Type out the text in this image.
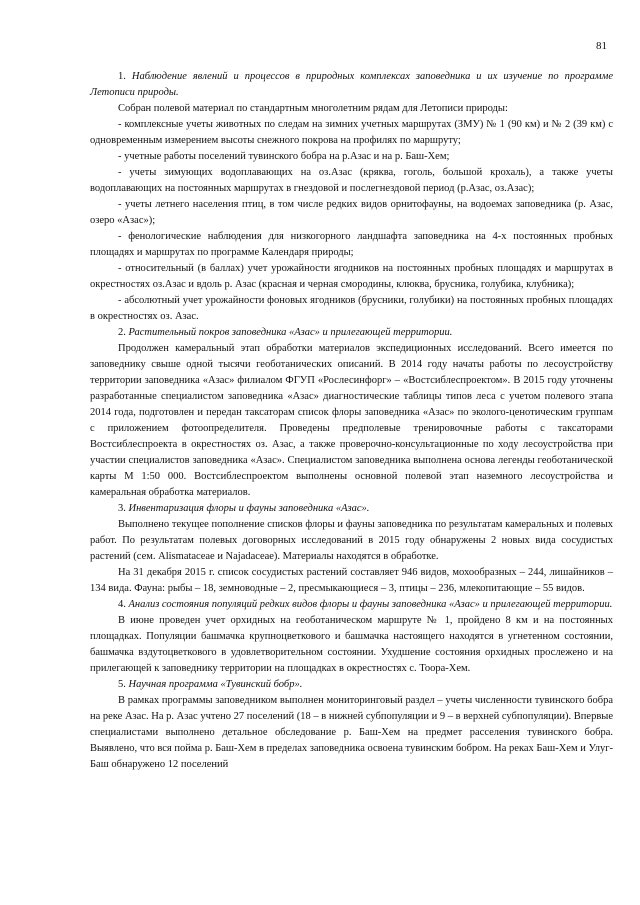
81

1. Наблюдение явлений и процессов в природных комплексах заповедника и их изучение по программе Летописи природы.

Собран полевой материал по стандартным многолетним рядам для Летописи природы:

- комплексные учеты животных по следам на зимних учетных маршрутах (ЗМУ) № 1 (90 км) и № 2 (39 км) с одновременным измерением высоты снежного покрова на профилях по маршруту;

- учетные работы поселений тувинского бобра на р.Азас и на р. Баш-Хем;

- учеты зимующих водоплавающих на оз.Азас (кряква, гоголь, большой крохаль), а также учеты водоплавающих на постоянных маршрутах в гнездовой и послегнездовой период (р.Азас, оз.Азас);

- учеты летнего населения птиц, в том числе редких видов орнитофауны, на водоемах заповедника (р. Азас, озеро «Азас»);

- фенологические наблюдения для низкогорного ландшафта заповедника на 4-х постоянных пробных площадях и маршрутах по программе Календаря природы;

- относительный (в баллах) учет урожайности ягодников на постоянных пробных площадях и маршрутах в окрестностях оз.Азас и вдоль р. Азас (красная и черная смородины, клюква, брусника, голубика, клубника);

- абсолютный учет урожайности фоновых ягодников (брусники, голубики) на постоянных пробных площадях в окрестностях оз. Азас.

2. Растительный покров заповедника «Азас» и прилегающей территории.

Продолжен камеральный этап обработки материалов экспедиционных исследований. Всего имеется по заповеднику свыше одной тысячи геоботанических описаний. В 2014 году начаты работы по лесоустройству территории заповедника «Азас» филиалом ФГУП «Рослесинфорг» – «Востсиблеспроектом». В 2015 году уточнены разработанные специалистом заповедника «Азас» диагностические таблицы типов леса с учетом полевого этапа 2014 года, подготовлен и передан таксаторам список флоры заповедника «Азас» по эколого-ценотическим группам с приложением фотоопределителя. Проведены предполевые тренировочные работы с таксаторами Востсиблеспроекта в окрестностях оз. Азас, а также проверочно-консультационные по ходу лесоустройства при участии специалистов заповедника «Азас». Специалистом заповедника выполнена основа легенды геоботанической карты М 1:50 000. Востсиблеспроектом выполнены основной полевой этап наземного лесоустройства и камеральная обработка материалов.

3. Инвентаризация флоры и фауны заповедника «Азас».

Выполнено текущее пополнение списков флоры и фауны заповедника по результатам камеральных и полевых работ. По результатам полевых договорных исследований в 2015 году обнаружены 2 новых вида сосудистых растений (сем. Alismataceae и Najadaceae). Материалы находятся в обработке.

На 31 декабря 2015 г. список сосудистых растений составляет 946 видов, мохообразных – 244, лишайников – 134 вида. Фауна: рыбы – 18, земноводные – 2, пресмыкающиеся – 3, птицы – 236, млекопитающие – 55 видов.

4. Анализ состояния популяций редких видов флоры и фауны заповедника «Азас» и прилегающей территории.

В июне проведен учет орхидных на геоботаническом маршруте № 1, пройдено 8 км и на постоянных площадках. Популяции башмачка крупноцветкового и башмачка настоящего находятся в угнетенном состоянии, башмачка вздутоцветкового в удовлетворительном состоянии. Ухудшение состояния орхидных прослежено и на прилегающей к заповеднику территории на площадках в окрестностях с. Тоора-Хем.

5. Научная программа «Тувинский бобр».

В рамках программы заповедником выполнен мониторинговый раздел – учеты численности тувинского бобра на реке Азас. На р. Азас учтено 27 поселений (18 – в нижней субпопуляции и 9 – в верхней субпопуляции). Впервые специалистами выполнено детальное обследование р. Баш-Хем на предмет расселения тувинского бобра. Выявлено, что вся пойма р. Баш-Хем в пределах заповедника освоена тувинским бобром. На реках Баш-Хем и Улуг-Баш обнаружено 12 поселений
